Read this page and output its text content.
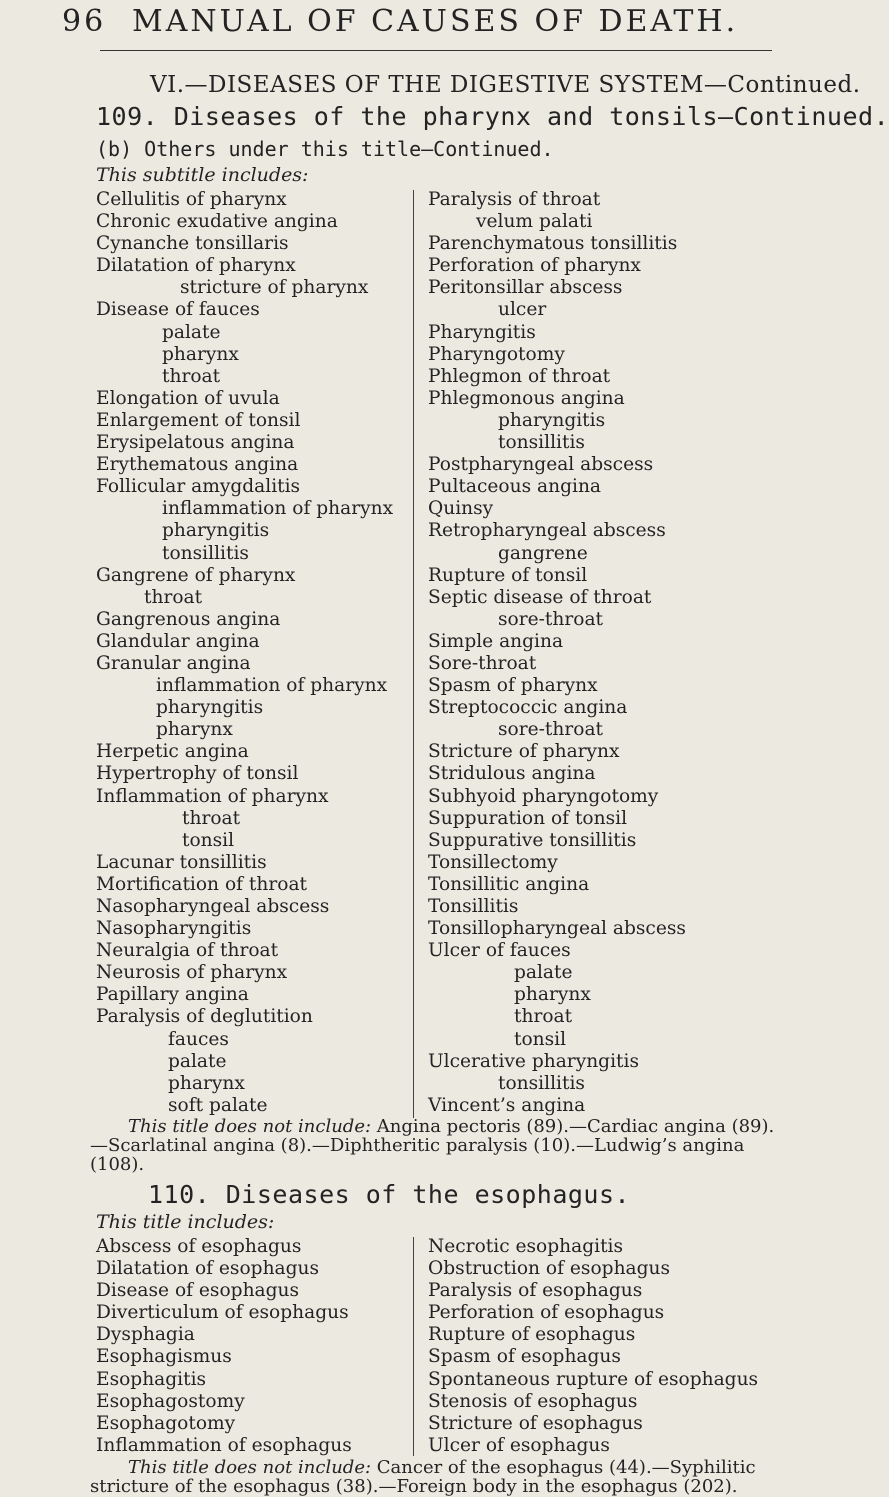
96 MANUAL OF CAUSES OF DEATH.
VI.—DISEASES OF THE DIGESTIVE SYSTEM—Continued.
109. Diseases of the pharynx and tonsils—Continued.
(b) Others under this title—Continued.
This subtitle includes:
Cellulitis of pharynx
Chronic exudative angina
Cynanche tonsillaris
Dilatation of pharynx
stricture of pharynx
Disease of fauces
palate
pharynx
throat
Elongation of uvula
Enlargement of tonsil
Erysipelatous angina
Erythematous angina
Follicular amygdalitis
inflammation of pharynx
pharyngitis
tonsillitis
Gangrene of pharynx
throat
Gangrenous angina
Glandular angina
Granular angina
inflammation of pharynx
pharyngitis
pharynx
Herpetic angina
Hypertrophy of tonsil
Inflammation of pharynx
throat
tonsil
Lacunar tonsillitis
Mortification of throat
Nasopharyngeal abscess
Nasopharyngitis
Neuralgia of throat
Neurosis of pharynx
Papillary angina
Paralysis of deglutition
fauces
palate
pharynx
soft palate
Paralysis of throat
velum palati
Parenchymatous tonsillitis
Perforation of pharynx
Peritonsillar abscess
ulcer
Pharyngitis
Pharyngotomy
Phlegmon of throat
Phlegmonous angina
pharyngitis
tonsillitis
Postpharyngeal abscess
Pultaceous angina
Quinsy
Retropharyngeal abscess
gangrene
Rupture of tonsil
Septic disease of throat
sore-throat
Simple angina
Sore-throat
Spasm of pharynx
Streptococcic angina
sore-throat
Stricture of pharynx
Stridulous angina
Subhyoid pharyngotomy
Suppuration of tonsil
Suppurative tonsillitis
Tonsillectomy
Tonsillitic angina
Tonsillitis
Tonsillopharyngeal abscess
Ulcer of fauces
palate
pharynx
throat
tonsil
Ulcerative pharyngitis
tonsillitis
Vincent’s angina
This title does not include: Angina pectoris (89).—Cardiac angina (89).—Scarlatinal angina (8).—Diphtheritic paralysis (10).—Ludwig’s angina (108).
110. Diseases of the esophagus.
This title includes:
Abscess of esophagus
Dilatation of esophagus
Disease of esophagus
Diverticulum of esophagus
Dysphagia
Esophagismus
Esophagitis
Esophagostomy
Esophagotomy
Inflammation of esophagus
Necrotic esophagitis
Obstruction of esophagus
Paralysis of esophagus
Perforation of esophagus
Rupture of esophagus
Spasm of esophagus
Spontaneous rupture of esophagus
Stenosis of esophagus
Stricture of esophagus
Ulcer of esophagus
This title does not include: Cancer of the esophagus (44).—Syphilitic stricture of the esophagus (38).—Foreign body in the esophagus (202).
